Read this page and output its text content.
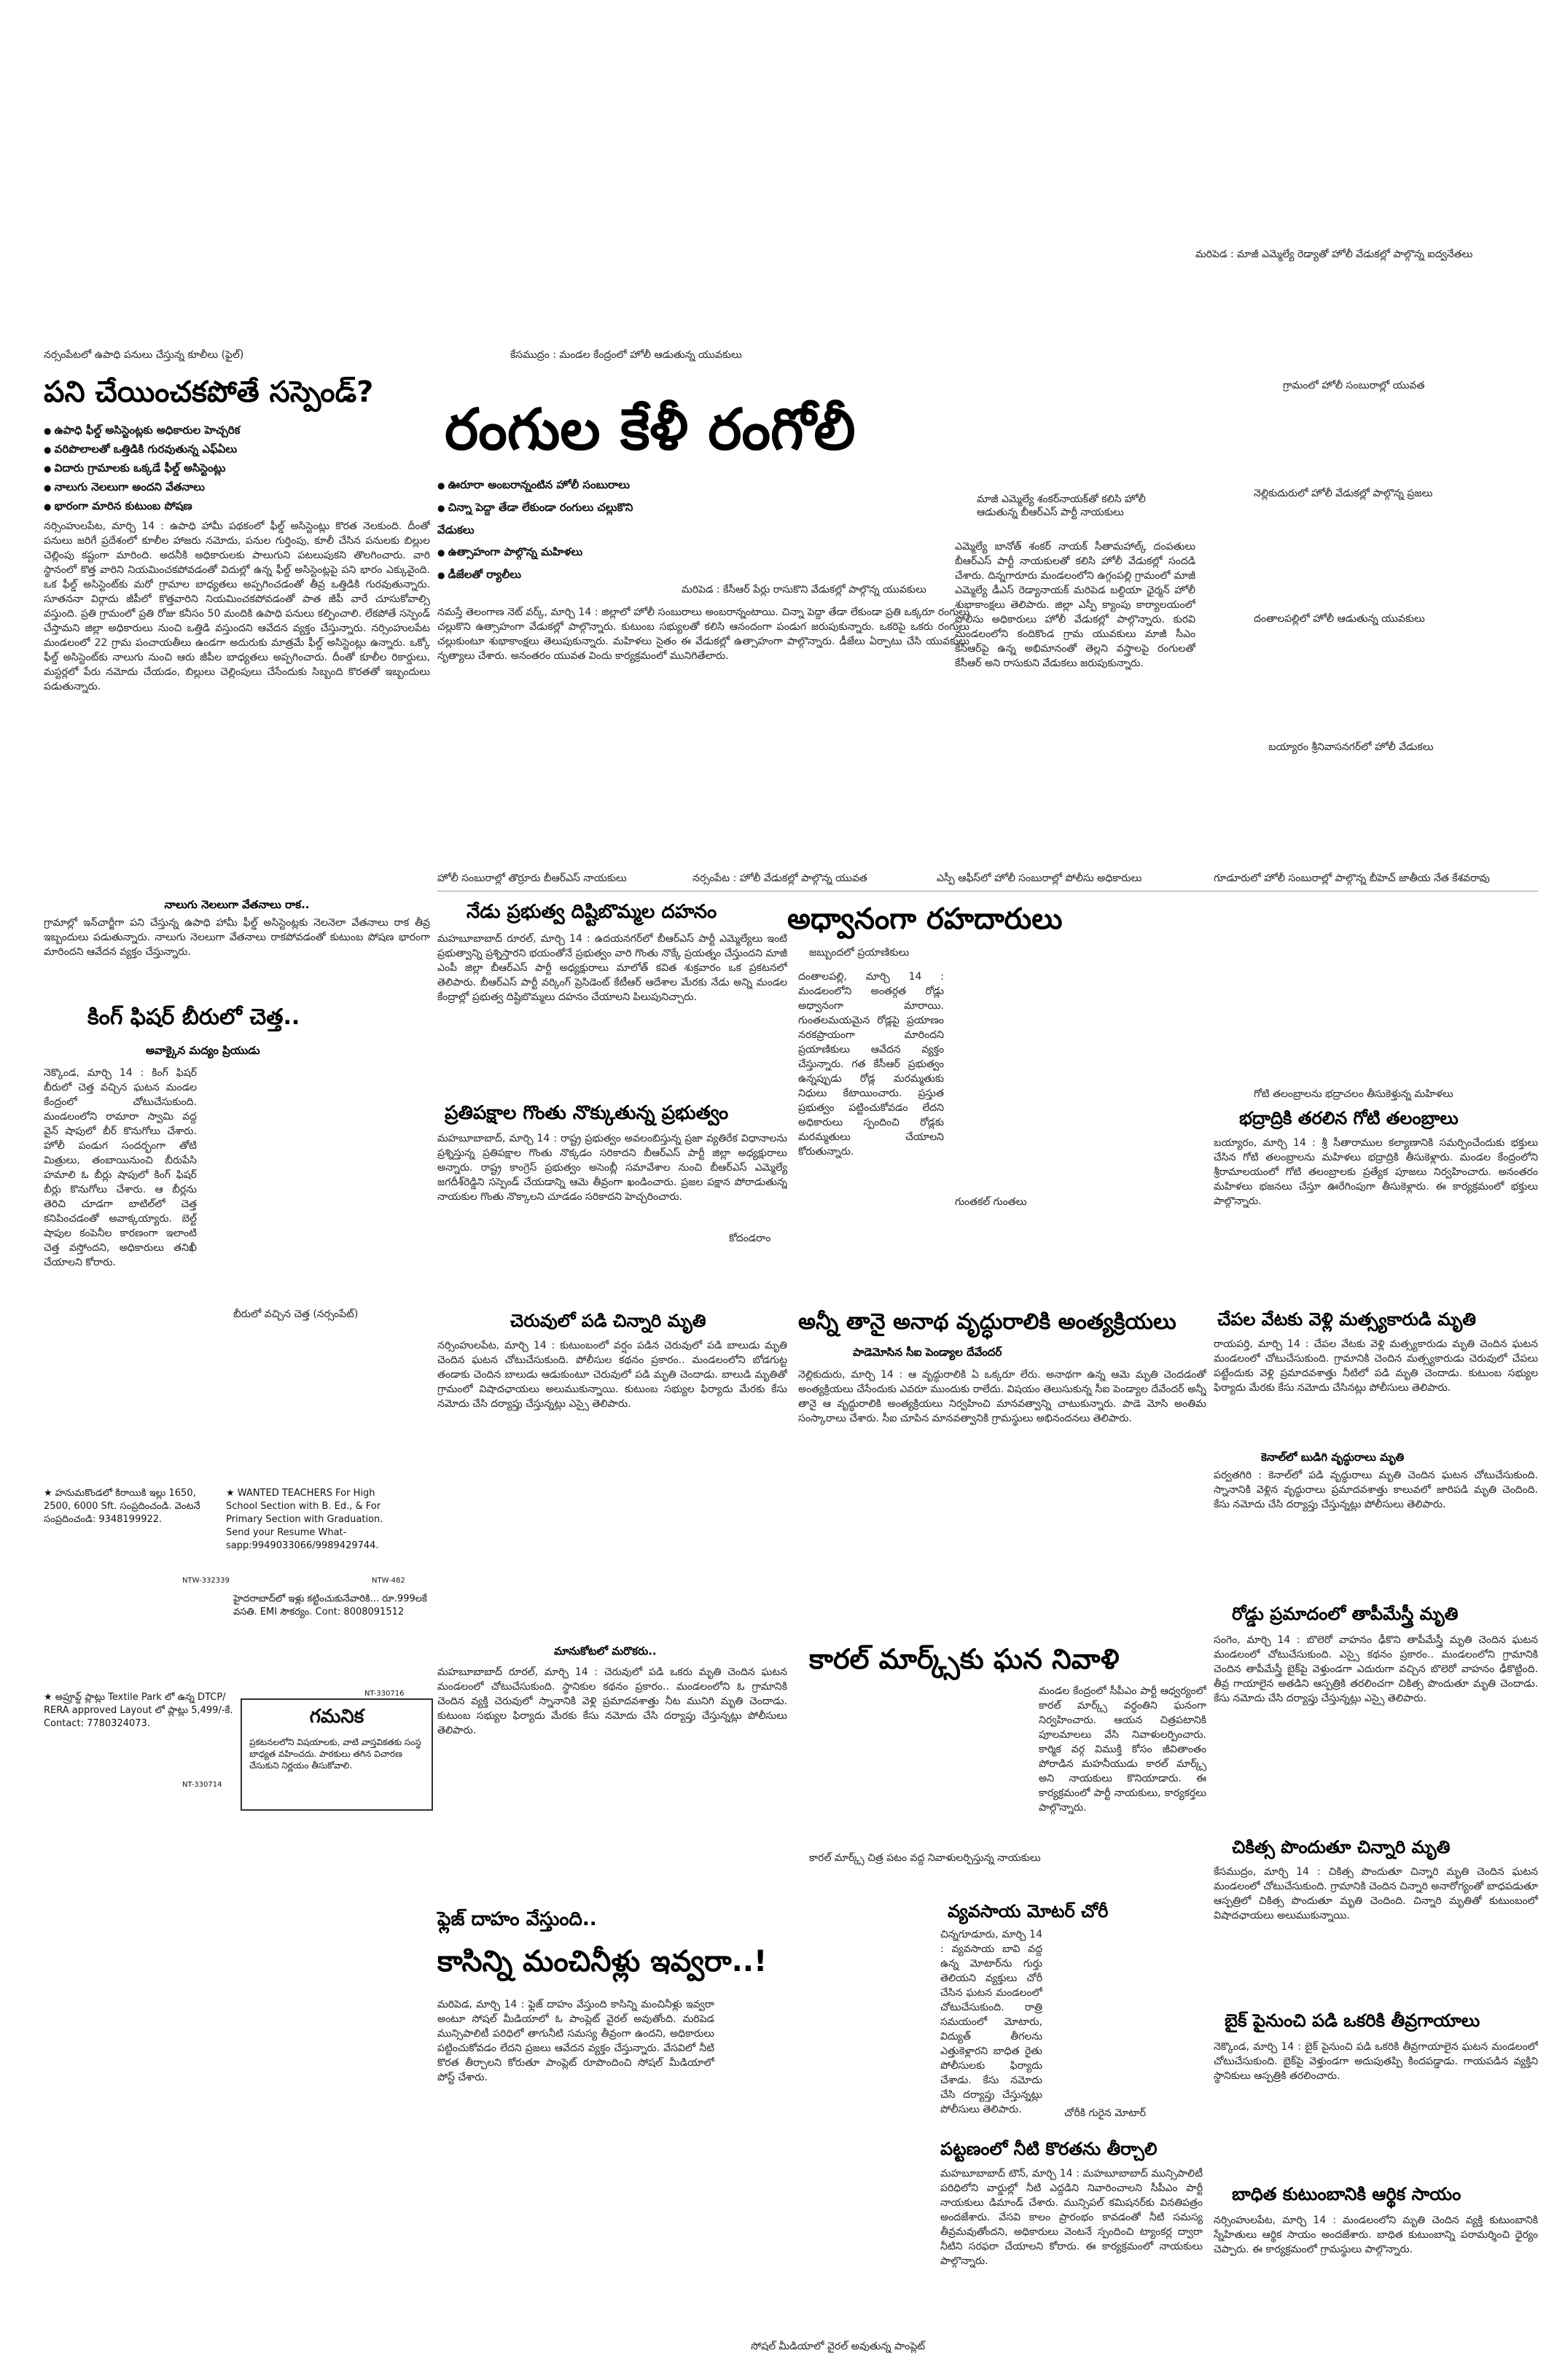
మరిపెడ : మాజీ ఎమ్మెల్యే రెడ్యాతో హోలీ వేడుకల్లో పాల్గొన్న ఐద్వనేతలు
నర్సంపేటలో ఉపాధి పనులు చేస్తున్న కూలీలు (ఫైల్)
పని చేయించకపోతే సస్పెండ్?
● ఉపాధి ఫీల్డ్ అసిస్టెంట్లకు అధికారుల హెచ్చరిక
● వరిపొలాలతో ఒత్తిడికి గురవుతున్న ఎఫ్‌ఏలు
● విదారు గ్రామాలకు ఒక్కడే ఫీల్డ్ అసిస్టెంట్లు
● నాలుగు నెలలుగా అందని వేతనాలు
● భారంగా మారిన కుటుంబ పోషణ
నర్సింహులపేట, మార్చి 14 : ఉపాధి హామీ పథకంలో ఫీల్డ్ అసిస్టెంట్లు కొరత నెలకుంది. దీంతో పనులు జరిగే ప్రదేశంలో కూలీల హాజరు నమోదు, పనుల గుర్తింపు, కూలీ చేసిన పనులకు బిల్లుల చెల్లింపు కష్టంగా మారింది. అదనీకి అధికారులకు పాలుగుని పటలుపుకని తొలగించారు. వారి స్థానంలో కొత్త వారిని నియమించకపోవడంతో విదుల్లో ఉన్న ఫీల్డ్ అసిస్టెంట్లపై పని భారం ఎక్కువైంది. ఒక ఫీల్డ్ అసిస్టెంట్‌కు మరో గ్రామాల బాధ్యతలు అప్పగించడంతో తీవ్ర ఒత్తిడికి గురవుతున్నారు. సూతననా విర్గాదు జీపీలో కొత్తవారిని నియమించకపోవడంతో పాత జీపీ వారే చూసుకోవాల్సి వస్తుంది. ప్రతి గ్రామంలో ప్రతి రోజు కనీసం 50 మందికి ఉపాధి పనులు కల్పించాలి. లేకపోతే సస్పెండ్ చేస్తామని జిల్లా అధికారులు నుంచి ఒత్తిడి వస్తుందని ఆవేదన వ్యక్తం చేస్తున్నారు. నర్సింహులపేట మండలంలో 22 గ్రామ పంచాయతీలు ఉండగా అదురుకు మాత్రమే ఫీల్డ్ అసిస్టెంట్లు ఉన్నారు. ఒక్కో ఫీల్డ్ అసిస్టెంట్‌కు నాలుగు నుంచి ఆరు జీపీల బాధ్యతలు అప్పగించారు. దీంతో కూలీల రికార్డులు, మస్టర్లలో పేరు నమోదు చేయడం, బిల్లులు చెల్లింపులు చేసేందుకు సిబ్బంది కొరతతో ఇబ్బందులు పడుతున్నారు.
నాలుగు నెలలుగా వేతనాలు రాక..
గ్రామాల్లో ఇన్‌చార్జీగా పని చేస్తున్న ఉపాధి హామీ ఫీల్డ్ అసిస్టెంట్లకు నెలనెలా వేతనాలు రాక తీవ్ర ఇబ్బందులు పడుతున్నారు. నాలుగు నెలలుగా వేతనాలు రాకపోవడంతో కుటుంబ పోషణ భారంగా మారిందని ఆవేదన వ్యక్తం చేస్తున్నారు.
కింగ్ ఫిషర్ బీరులో చెత్త..
అవాక్కైన మద్యం ప్రియుడు
నెక్కొండ, మార్చి 14 : కింగ్ ఫిషర్ బీరులో చెత్త వచ్చిన ఘటన మండల కేంద్రంలో చోటుచేసుకుంది. మండలంలోని రామారా స్వామి వద్ద వైన్ షాపులో బీర్ కొనుగోలు చేశారు. హోలీ పండుగ సందర్భంగా తోటి మిత్రులు, తంబాయినుంచి బీరుపేసి హమాలి ఓ బీర్లు షాపులో కింగ్ ఫిషర్ బీర్లు కొనుగోలు చేశారు. ఆ బీర్లను తెరిచి చూడగా బాటిల్‌లో చెత్త కనిపించడంతో అవాక్కయ్యారు. బెల్ట్ షాపుల కంపెనీల కారణంగా ఇలాంటి చెత్త వస్తోందని, అధికారులు తనిఖీ చేయాలని కోరారు.
బీరులో వచ్చిన చెత్త (నర్సంపేట్)
★ హనుమకొండలో కిరాయికి ఇల్లు 1650, 2500, 6000 Sft. సంప్రదించండి. వెంటనే సంప్రదించండి: 9348199922.
NTW-332339
★ WANTED TEACHERS For High School Section with B. Ed., & For Primary Section with Graduation. Send your Resume What-sapp:9949033066/9989429744.
NTW-482
హైదరాబాద్‌లో ఇళ్లు కట్టించుకునేవారికి... రూ.999లకే వసతి. EMI సౌకర్యం. Cont: 8008091512
NT-330716
★ అప్రూవ్డ్ ప్లాట్లు Textile Park లో ఉన్న DTCP/ RERA approved Layout లో ప్లాట్లు 5,499/-కే. Contact: 7780324073.
NT-330714
గమనిక
ప్రకటనలలోని విషయాలకు, వాటి వాస్తవికతకు సంస్థ బాధ్యత వహించదు. పాఠకులు తగిన విచారణ చేసుకుని నిర్ణయం తీసుకోవాలి.
కేసముద్రం : మండల కేంద్రంలో హోలీ ఆడుతున్న యువకులు
రంగుల కేళీ రంగోలీ
● ఊరూరా అంబరాన్నంటిన హోలీ సంబురాలు
● చిన్నా పెద్దా తేడా లేకుండా రంగులు చల్లుకొని వేడుకలు
● ఉత్సాహంగా పాల్గొన్న మహిళలు
● డీజేలతో ర్యాలీలు
మరిపెడ : కేసీఆర్ పేర్లు రాసుకొని వేడుకల్లో పాల్గొన్న యువకులు
నమస్తే తెలంగాణ నెట్ వర్క్, మార్చి 14 : జిల్లాలో హోలీ సంబురాలు అంబరాన్నంటాయి. చిన్నా పెద్దా తేడా లేకుండా ప్రతి ఒక్కరూ రంగులు చల్లుకొని ఉత్సాహంగా వేడుకల్లో పాల్గొన్నారు. కుటుంబ సభ్యులతో కలిసి ఆనందంగా పండుగ జరుపుకున్నారు. ఒకరిపై ఒకరు రంగులు చల్లుకుంటూ శుభాకాంక్షలు తెలుపుకున్నారు. మహిళలు సైతం ఈ వేడుకల్లో ఉత్సాహంగా పాల్గొన్నారు. డీజేలు ఏర్పాటు చేసి యువకులు నృత్యాలు చేశారు. అనంతరం యువత విందు కార్యక్రమంలో మునిగితేలారు.
గ్రామంలో హోలీ సంబురాల్లో యువత
మాజీ ఎమ్మెల్యే శంకర్‌నాయక్‌తో కలిసి హోలీ ఆడుతున్న బీఆర్‌ఎస్ పార్టీ నాయకులు
నెల్లికుదురులో హోలీ వేడుకల్లో పాల్గొన్న ప్రజలు
ఎమ్మెల్యే బానోత్ శంకర్ నాయక్ సీతామహాల్క్ దంపతులు బీఆర్‌ఎస్ పార్టీ నాయకులతో కలిసి హోలీ వేడుకల్లో సందడి చేశారు. దిన్నగారూరు మండలంలోని ఉగ్గంపల్లి గ్రామంలో మాజీ ఎమ్మెల్యే డీఎస్ రెడ్యానాయక్ మరిపెడ బల్దియా ఛైర్మన్ హోలీ శుభాకాంక్షలు తెలిపారు. జిల్లా ఎస్పీ క్యాంపు కార్యాలయంలో పోలీసు అధికారులు హోలీ వేడుకల్లో పాల్గొన్నారు. కురవి మండలంలోని కందికొండ గ్రామ యువకులు మాజీ సీఎం కేసీఆర్‌పై ఉన్న అభిమానంతో తెల్లని వస్త్రాలపై రంగులతో కేసీఆర్ అని రాసుకుని వేడుకలు జరుపుకున్నారు.
దంతాలపల్లిలో హోలీ ఆడుతున్న యువకులు
బయ్యారం శ్రీనివాసనగర్‌లో హోలీ వేడుకలు
హోలీ సంబురాల్లో తొర్రూరు బీఆర్‌ఎస్ నాయకులు	నర్సంపేట : హోలీ వేడుకల్లో పాల్గొన్న యువత	ఎస్పీ ఆఫీస్‌లో హోలీ సంబురాల్లో పోలీసు అధికారులు	గూడూరులో హోలీ సంబురాల్లో పాల్గొన్న బీహెచ్ జాతీయ నేత కేశవరావు
నేడు ప్రభుత్వ దిష్టిబొమ్మల దహనం
మహబూబాబాద్ రూరల్, మార్చి 14 : ఉదయనగర్‌లో బీఆర్‌ఎస్ పార్టీ ఎమ్మెల్యేలు ఇంటి ప్రభుత్వాన్ని ప్రశ్నిస్తారని భయంతోనే ప్రభుత్వం వారి గొంతు నొక్కే ప్రయత్నం చేస్తుందని మాజీ ఎంపీ జిల్లా బీఆర్‌ఎస్ పార్టీ అధ్యక్షురాలు మాలోత్ కవిత శుక్రవారం ఒక ప్రకటనలో తెలిపారు. బీఆర్‌ఎస్ పార్టీ వర్కింగ్ ప్రెసిడెంట్ కేటీఆర్ ఆదేశాల మేరకు నేడు అన్ని మండల కేంద్రాల్లో ప్రభుత్వ దిష్టిబొమ్మలు దహనం చేయాలని పిలుపునిచ్చారు.
ప్రతిపక్షాల గొంతు నొక్కుతున్న ప్రభుత్వం
మహబూబాబాద్, మార్చి 14 : రాష్ట్ర ప్రభుత్వం అవలంబిస్తున్న ప్రజా వ్యతిరేక విధానాలను ప్రశ్నిస్తున్న ప్రతిపక్షాల గొంతు నొక్కడం సరికాదని బీఆర్‌ఎస్ పార్టీ జిల్లా అధ్యక్షురాలు అన్నారు. రాష్ట్ర కాంగ్రెస్ ప్రభుత్వం అసెంబ్లీ సమావేశాల నుంచి బీఆర్‌ఎస్ ఎమ్మెల్యే జగదీశ్‌రెడ్డిని సస్పెండ్ చేయడాన్ని ఆమె తీవ్రంగా ఖండించారు. ప్రజల పక్షాన పోరాడుతున్న నాయకుల గొంతు నొక్కాలని చూడడం సరికాదని హెచ్చరించారు.
కోదండరాం
చెరువులో పడి చిన్నారి మృతి
నర్సింహులపేట, మార్చి 14 : కుటుంబంలో వర్షం పడిన చెరువులో పడి బాలుడు మృతి చెందిన ఘటన చోటుచేసుకుంది. పోలీసుల కథనం ప్రకారం.. మండలంలోని బోడగుట్ట తండాకు చెందిన బాలుడు ఆడుకుంటూ చెరువులో పడి మృతి చెందాడు. బాలుడి మృతితో గ్రామంలో విషాదఛాయలు అలుముకున్నాయి. కుటుంబ సభ్యుల ఫిర్యాదు మేరకు కేసు నమోదు చేసి దర్యాప్తు చేస్తున్నట్లు ఎస్సై తెలిపారు.
మానుకోటలో మరొకరు..
మహబూబాబాద్ రూరల్, మార్చి 14 : చెరువులో పడి ఒకరు మృతి చెందిన ఘటన మండలంలో చోటుచేసుకుంది. స్థానికుల కథనం ప్రకారం.. మండలంలోని ఓ గ్రామానికి చెందిన వ్యక్తి చెరువులో స్నానానికి వెళ్లి ప్రమాదవశాత్తు నీట మునిగి మృతి చెందాడు. కుటుంబ సభ్యుల ఫిర్యాదు మేరకు కేసు నమోదు చేసి దర్యాప్తు చేస్తున్నట్లు పోలీసులు తెలిపారు.
అధ్వానంగా రహదారులు
జబ్బుందలో ప్రయాణికులు
దంతాలపల్లి, మార్చి 14 : మండలంలోని అంతర్గత రోడ్లు అధ్వానంగా మారాయి. గుంతలమయమైన రోడ్లపై ప్రయాణం నరకప్రాయంగా మారిందని ప్రయాణికులు ఆవేదన వ్యక్తం చేస్తున్నారు. గత కేసీఆర్ ప్రభుత్వం ఉన్నప్పుడు రోడ్ల మరమ్మతుకు నిధులు కేటాయించారు. ప్రస్తుత ప్రభుత్వం పట్టించుకోవడం లేదని అధికారులు స్పందించి రోడ్లకు మరమ్మతులు చేయాలని కోరుతున్నారు.
గుంతకల్ గుంతలు
అన్నీ తానై అనాథ వృద్ధురాలికి అంత్యక్రియలు
పాడెమోసిన సీఐ పెండ్యాల దేవేందర్
నెల్లికుదురు, మార్చి 14 : ఆ వృద్ధురాలికి ఏ ఒక్కరూ లేరు. అనాథగా ఉన్న ఆమె మృతి చెందడంతో అంత్యక్రియలు చేసేందుకు ఎవరూ ముందుకు రాలేదు. విషయం తెలుసుకున్న సీఐ పెండ్యాల దేవేందర్ అన్నీ తానై ఆ వృద్ధురాలికి అంత్యక్రియలు నిర్వహించి మానవత్వాన్ని చాటుకున్నారు. పాడె మోసి అంతిమ సంస్కారాలు చేశారు. సీఐ చూపిన మానవత్వానికి గ్రామస్థులు అభినందనలు తెలిపారు.
కారల్ మార్క్స్‌కు ఘన నివాళి
మండల కేంద్రంలో సీపీఎం పార్టీ ఆధ్వర్యంలో కారల్ మార్క్స్ వర్ధంతిని ఘనంగా నిర్వహించారు. ఆయన చిత్రపటానికి పూలమాలలు వేసి నివాళులర్పించారు. కార్మిక వర్గ విముక్తి కోసం జీవితాంతం పోరాడిన మహనీయుడు కారల్ మార్క్స్ అని నాయకులు కొనియాడారు. ఈ కార్యక్రమంలో పార్టీ నాయకులు, కార్యకర్తలు పాల్గొన్నారు.
కారల్ మార్క్స్ చిత్ర పటం వద్ద నివాళులర్పిస్తున్న నాయకులు
వ్యవసాయ మోటర్ చోరీ
చిన్నగూడూరు, మార్చి 14 : వ్యవసాయ బావి వద్ద ఉన్న మోటార్‌ను గుర్తు తెలియని వ్యక్తులు చోరీ చేసిన ఘటన మండలంలో చోటుచేసుకుంది. రాత్రి సమయంలో మోటారు, విద్యుత్ తీగలను ఎత్తుకెళ్లారని బాధిత రైతు పోలీసులకు ఫిర్యాదు చేశాడు. కేసు నమోదు చేసి దర్యాప్తు చేస్తున్నట్లు పోలీసులు తెలిపారు.	చోరీకి గురైన మోటార్
పట్టణంలో నీటి కొరతను తీర్చాలి
మహబూబాబాద్ టౌన్, మార్చి 14 : మహబూబాబాద్ మున్సిపాలిటీ పరిధిలోని వార్డుల్లో నీటి ఎద్దడిని నివారించాలని సీపీఎం పార్టీ నాయకులు డిమాండ్ చేశారు. మున్సిపల్ కమిషనర్‌కు వినతిపత్రం అందజేశారు. వేసవి కాలం ప్రారంభం కావడంతో నీటి సమస్య తీవ్రమవుతోందని, అధికారులు వెంటనే స్పందించి ట్యాంకర్ల ద్వారా నీటిని సరఫరా చేయాలని కోరారు. ఈ కార్యక్రమంలో నాయకులు పాల్గొన్నారు.
ఫ్లెజ్ దాహం వేస్తుంది..
కాసిన్ని మంచినీళ్లు ఇవ్వరా..!
మరిపెడ, మార్చి 14 : ఫ్లెజ్ దాహం వేస్తుంది కాసిన్ని మంచినీళ్లు ఇవ్వరా అంటూ సోషల్ మీడియాలో ఓ పాంప్లెట్ వైరల్ అవుతోంది. మరిపెడ మున్సిపాలిటీ పరిధిలో తాగునీటి సమస్య తీవ్రంగా ఉందని, అధికారులు పట్టించుకోవడం లేదని ప్రజలు ఆవేదన వ్యక్తం చేస్తున్నారు. వేసవిలో నీటి కొరత తీర్చాలని కోరుతూ పాంప్లెట్ రూపొందించి సోషల్ మీడియాలో పోస్ట్ చేశారు.
సోషల్ మీడియాలో వైరల్ అవుతున్న పాంప్లెట్
గోటి తలంబ్రాలను భద్రాచలం తీసుకెళ్తున్న మహిళలు
భద్రాద్రికి తరలిన గోటి తలంబ్రాలు
బయ్యారం, మార్చి 14 : శ్రీ సీతారాముల కల్యాణానికి సమర్పించేందుకు భక్తులు చేసిన గోటి తలంబ్రాలను మహిళలు భద్రాద్రికి తీసుకెళ్లారు. మండల కేంద్రంలోని శ్రీరామాలయంలో గోటి తలంబ్రాలకు ప్రత్యేక పూజలు నిర్వహించారు. అనంతరం మహిళలు భజనలు చేస్తూ ఊరేగింపుగా తీసుకెళ్లారు. ఈ కార్యక్రమంలో భక్తులు పాల్గొన్నారు.
చేపల వేటకు వెళ్లి మత్స్యకారుడి మృతి
రాయపర్తి, మార్చి 14 : చేపల వేటకు వెళ్లి మత్స్యకారుడు మృతి చెందిన ఘటన మండలంలో చోటుచేసుకుంది. గ్రామానికి చెందిన మత్స్యకారుడు చెరువులో చేపలు పట్టేందుకు వెళ్లి ప్రమాదవశాత్తు నీటిలో పడి మృతి చెందాడు. కుటుంబ సభ్యుల ఫిర్యాదు మేరకు కేసు నమోదు చేసినట్లు పోలీసులు తెలిపారు.
కెనాల్‌లో బుడిగి వృద్ధురాలు మృతి
పర్వతగిరి : కెనాల్‌లో పడి వృద్ధురాలు మృతి చెందిన ఘటన చోటుచేసుకుంది. స్నానానికి వెళ్లిన వృద్ధురాలు ప్రమాదవశాత్తు కాలువలో జారిపడి మృతి చెందింది. కేసు నమోదు చేసి దర్యాప్తు చేస్తున్నట్లు పోలీసులు తెలిపారు.
రోడ్డు ప్రమాదంలో తాపీమేస్త్రీ మృతి
సంగెం, మార్చి 14 : బొలెరో వాహనం ఢీకొని తాపీమేస్త్రీ మృతి చెందిన ఘటన మండలంలో చోటుచేసుకుంది. ఎస్సై కథనం ప్రకారం.. మండలంలోని గ్రామానికి చెందిన తాపీమేస్త్రీ బైక్‌పై వెళ్తుండగా ఎదురుగా వచ్చిన బొలెరో వాహనం ఢీకొట్టింది. తీవ్ర గాయాలైన అతడిని ఆస్పత్రికి తరలించగా చికిత్స పొందుతూ మృతి చెందాడు. కేసు నమోదు చేసి దర్యాప్తు చేస్తున్నట్లు ఎస్సై తెలిపారు.
చికిత్స పొందుతూ చిన్నారి మృతి
కేసముద్రం, మార్చి 14 : చికిత్స పొందుతూ చిన్నారి మృతి చెందిన ఘటన మండలంలో చోటుచేసుకుంది. గ్రామానికి చెందిన చిన్నారి అనారోగ్యంతో బాధపడుతూ ఆస్పత్రిలో చికిత్స పొందుతూ మృతి చెందింది. చిన్నారి మృతితో కుటుంబంలో విషాదఛాయలు అలుముకున్నాయి.
బైక్ పైనుంచి పడి ఒకరికి తీవ్రగాయాలు
నెక్కొండ, మార్చి 14 : బైక్ పైనుంచి పడి ఒకరికి తీవ్రగాయాలైన ఘటన మండలంలో చోటుచేసుకుంది. బైక్‌పై వెళ్తుండగా అదుపుతప్పి కిందపడ్డాడు. గాయపడిన వ్యక్తిని స్థానికులు ఆస్పత్రికి తరలించారు.
బాధిత కుటుంబానికి ఆర్థిక సాయం
నర్సింహులపేట, మార్చి 14 : మండలంలోని మృతి చెందిన వ్యక్తి కుటుంబానికి స్నేహితులు ఆర్థిక సాయం అందజేశారు. బాధిత కుటుంబాన్ని పరామర్శించి ధైర్యం చెప్పారు. ఈ కార్యక్రమంలో గ్రామస్థులు పాల్గొన్నారు.
